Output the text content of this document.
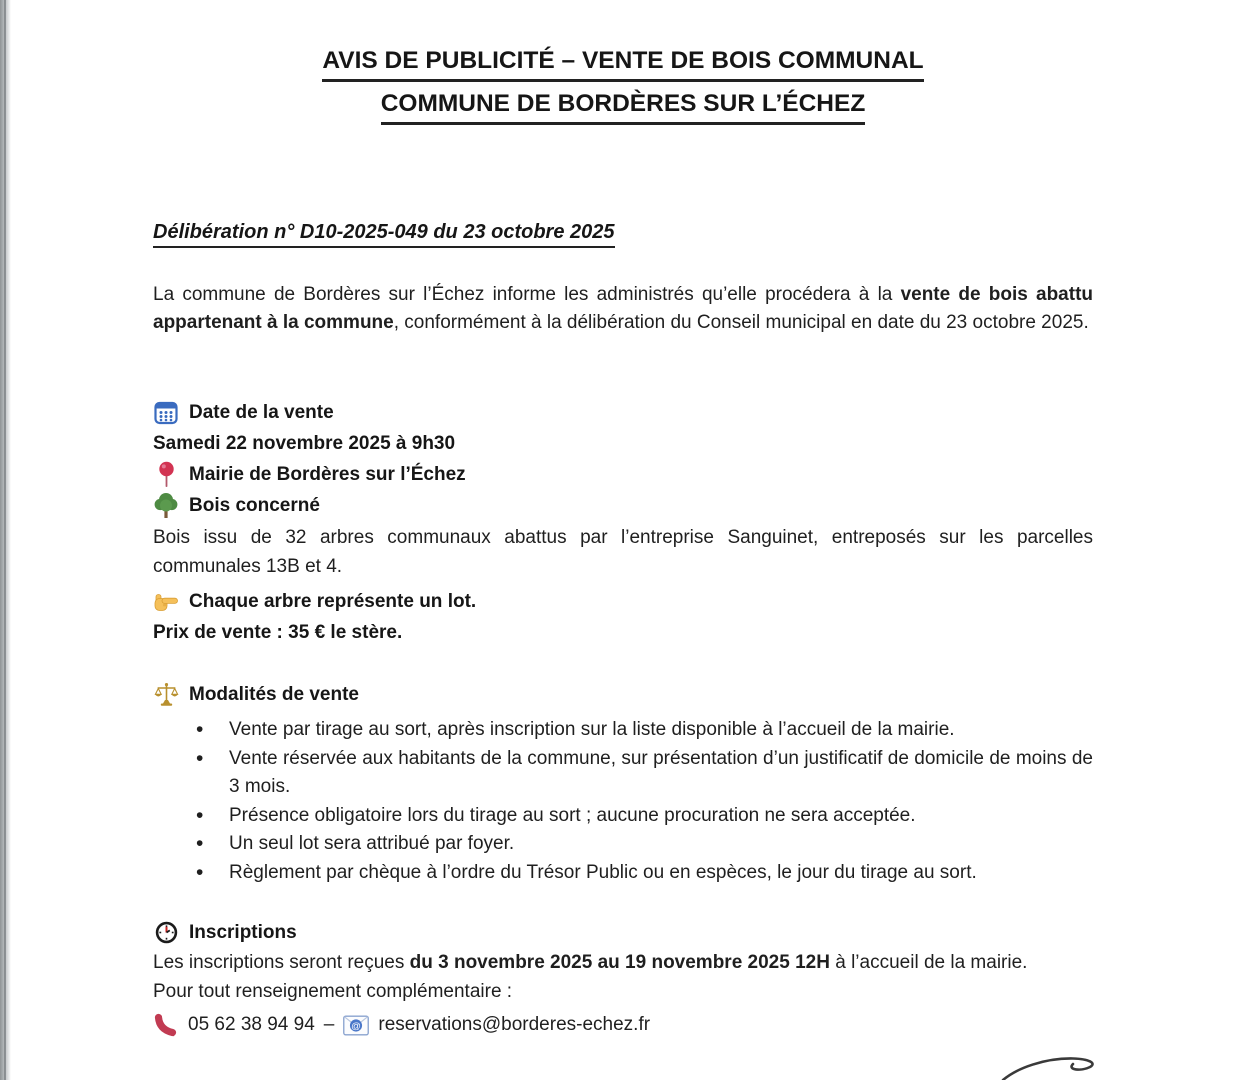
AVIS DE PUBLICITÉ – VENTE DE BOIS COMMUNAL
COMMUNE DE BORDÈRES SUR L’ÉCHEZ
Délibération n° D10-2025-049 du 23 octobre 2025
La commune de Bordères sur l’Échez informe les administrés qu’elle procédera à la vente de bois abattu appartenant à la commune, conformément à la délibération du Conseil municipal en date du 23 octobre 2025.
Date de la vente
Samedi 22 novembre 2025 à 9h30
Mairie de Bordères sur l’Échez
Bois concerné
Bois issu de 32 arbres communaux abattus par l’entreprise Sanguinet, entreposés sur les parcelles communales 13B et 4.
Chaque arbre représente un lot.
Prix de vente : 35 € le stère.
Modalités de vente
• Vente par tirage au sort, après inscription sur la liste disponible à l’accueil de la mairie.
• Vente réservée aux habitants de la commune, sur présentation d’un justificatif de domicile de moins de 3 mois.
• Présence obligatoire lors du tirage au sort ; aucune procuration ne sera acceptée.
• Un seul lot sera attribué par foyer.
• Règlement par chèque à l’ordre du Trésor Public ou en espèces, le jour du tirage au sort.
Inscriptions
Les inscriptions seront reçues du 3 novembre 2025 au 19 novembre 2025 12H à l’accueil de la mairie.
Pour tout renseignement complémentaire :
05 62 38 94 94 – @ reservations@borderes-echez.fr
